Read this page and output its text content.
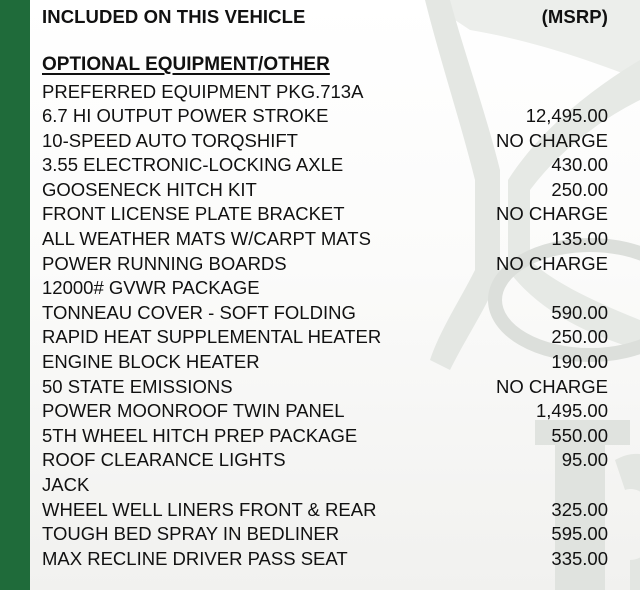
INCLUDED ON THIS VEHICLE	(MSRP)
OPTIONAL EQUIPMENT/OTHER
PREFERRED EQUIPMENT PKG.713A
6.7 HI OUTPUT POWER STROKE	12,495.00
10-SPEED AUTO TORQSHIFT	NO CHARGE
3.55 ELECTRONIC-LOCKING AXLE	430.00
GOOSENECK HITCH KIT	250.00
FRONT LICENSE PLATE BRACKET	NO CHARGE
ALL WEATHER MATS W/CARPT MATS	135.00
POWER RUNNING BOARDS	NO CHARGE
12000# GVWR PACKAGE
TONNEAU COVER - SOFT FOLDING	590.00
RAPID HEAT SUPPLEMENTAL HEATER	250.00
ENGINE BLOCK HEATER	190.00
50 STATE EMISSIONS	NO CHARGE
POWER MOONROOF TWIN PANEL	1,495.00
5TH WHEEL HITCH PREP PACKAGE	550.00
ROOF CLEARANCE LIGHTS	95.00
JACK
WHEEL WELL LINERS FRONT & REAR	325.00
TOUGH BED SPRAY IN BEDLINER	595.00
MAX RECLINE DRIVER PASS SEAT	335.00
